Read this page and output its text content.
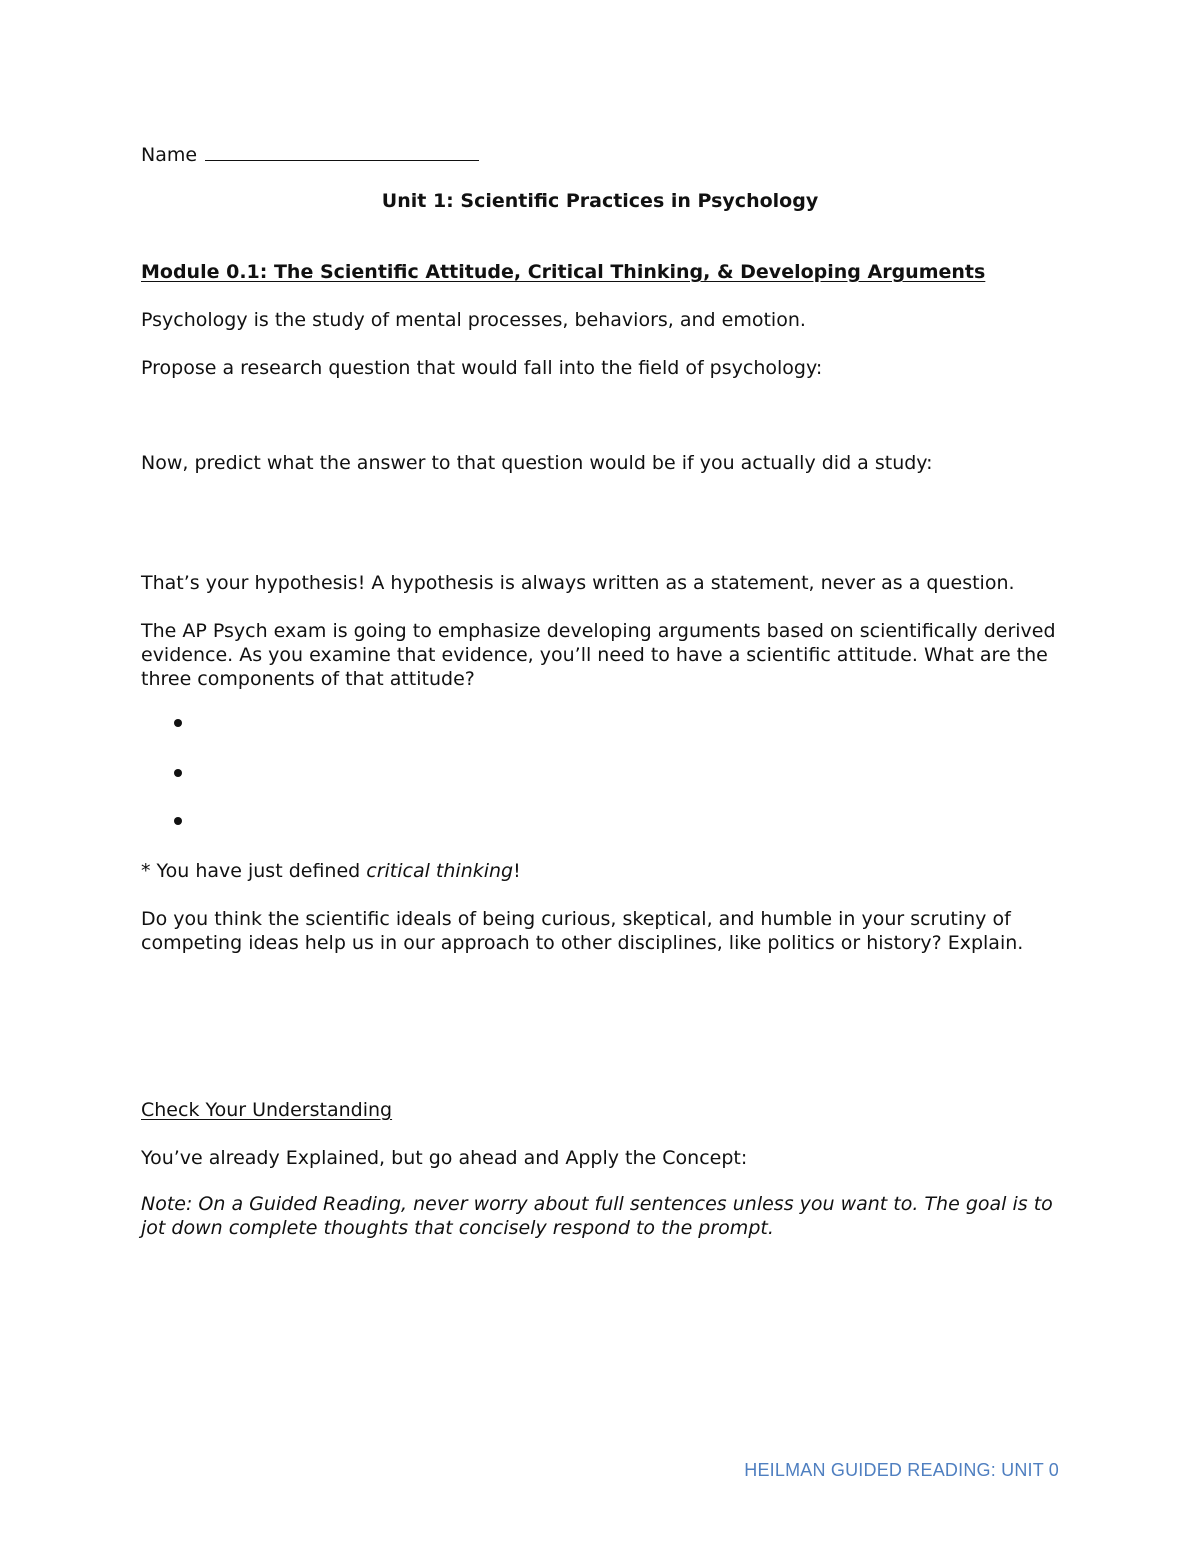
Name

Unit 1: Scientific Practices in Psychology

Module 0.1: The Scientific Attitude, Critical Thinking, & Developing Arguments

Psychology is the study of mental processes, behaviors, and emotion.

Propose a research question that would fall into the field of psychology:

Now, predict what the answer to that question would be if you actually did a study:

That’s your hypothesis! A hypothesis is always written as a statement, never as a question.

The AP Psych exam is going to emphasize developing arguments based on scientifically derived evidence. As you examine that evidence, you’ll need to have a scientific attitude. What are the three components of that attitude?

* You have just defined critical thinking!

Do you think the scientific ideals of being curious, skeptical, and humble in your scrutiny of competing ideas help us in our approach to other disciplines, like politics or history? Explain.

Check Your Understanding

You’ve already Explained, but go ahead and Apply the Concept:

Note: On a Guided Reading, never worry about full sentences unless you want to. The goal is to jot down complete thoughts that concisely respond to the prompt.

HEILMAN GUIDED READING: UNIT 0
